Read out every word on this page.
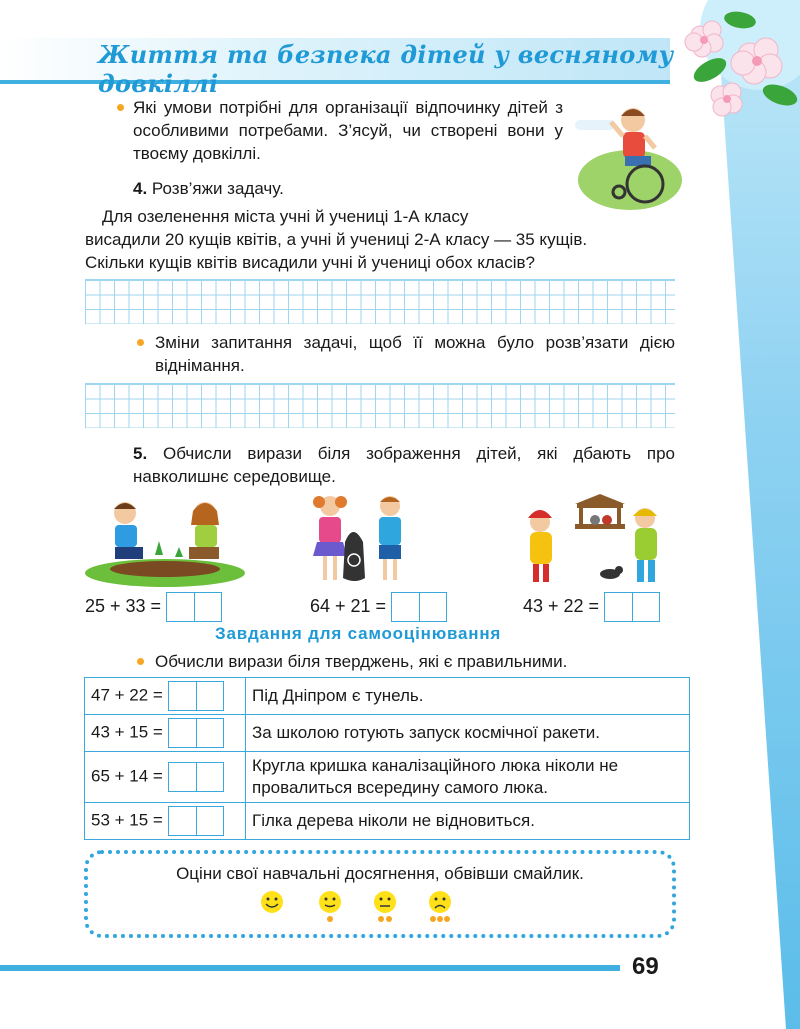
Життя та безпека дітей у весняному довкіллі
Які умови потрібні для організації відпочинку дітей з особливими потребами. З’ясуй, чи створені вони у твоєму довкіллі.
4. Розв’яжи задачу.
Для озеленення міста учні й учениці 1-А класу
висадили 20 кущів квітів, а учні й учениці 2-А класу — 35 кущів.
Скільки кущів квітів висадили учні й учениці обох класів?
Зміни запитання задачі, щоб її можна було розв’язати дією віднімання.
5. Обчисли вирази біля зображення дітей, які дбають про навколишнє середовище.
25 + 33 =	64 + 21 =	43 + 22 =
Завдання для самооцінювання
Обчисли вирази біля тверджень, які є правильними.
47 + 22 =	Під Дніпром є тунель.
43 + 15 =	За школою готують запуск космічної ракети.
65 + 14 =	Кругла кришка каналізаційного люка ніколи не провалиться всередину самого люка.
53 + 15 =	Гілка дерева ніколи не відновиться.
Оціни свої навчальні досягнення, обвівши смайлик.
69
